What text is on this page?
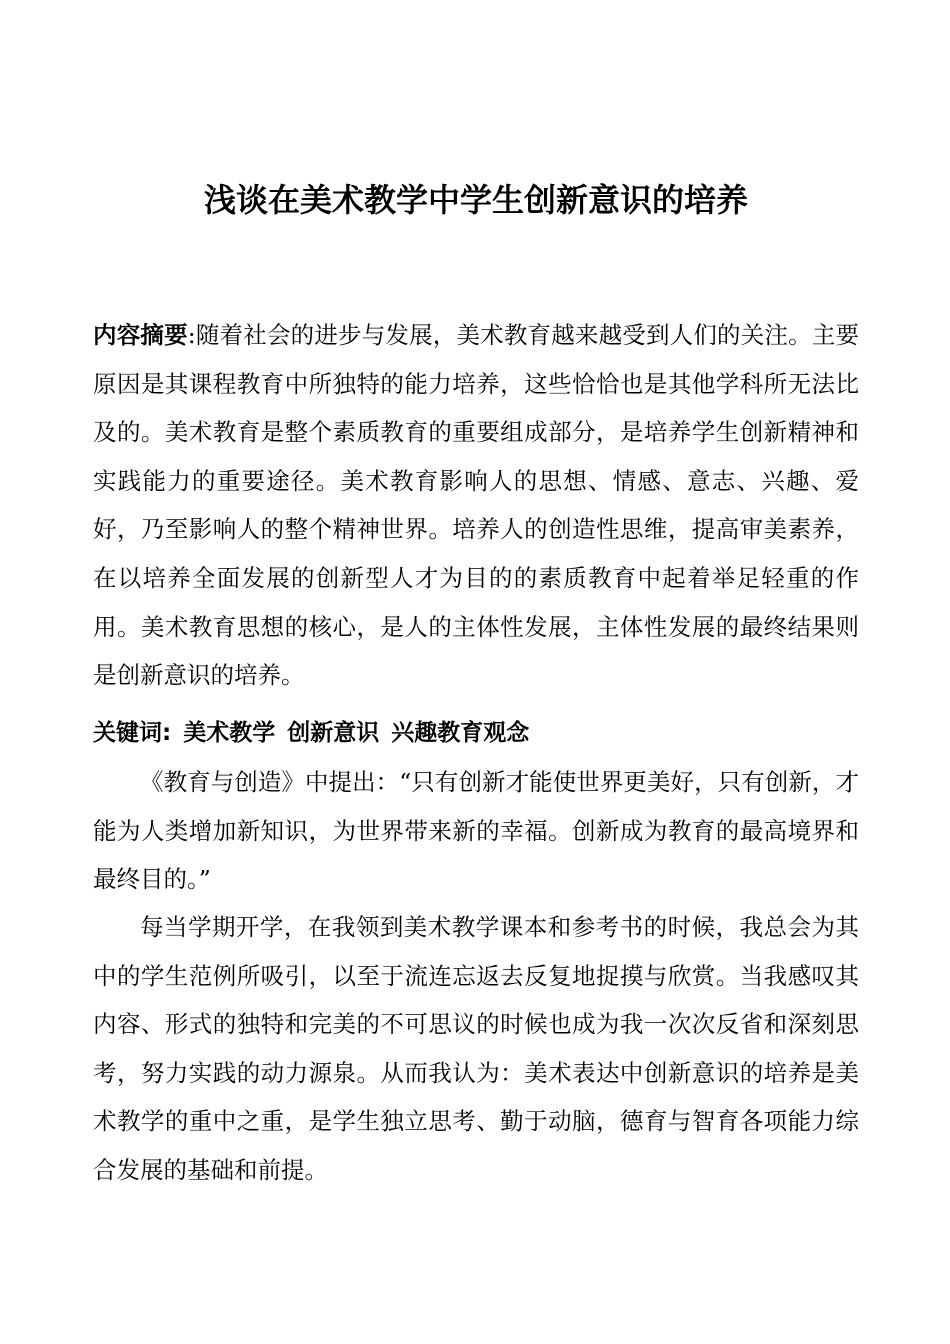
浅谈在美术教学中学生创新意识的培养

内容摘要:随着社会的进步与发展，美术教育越来越受到人们的关注。主要原因是其课程教育中所独特的能力培养，这些恰恰也是其他学科所无法比及的。美术教育是整个素质教育的重要组成部分，是培养学生创新精神和实践能力的重要途径。美术教育影响人的思想、情感、意志、兴趣、爱好，乃至影响人的整个精神世界。培养人的创造性思维，提高审美素养，在以培养全面发展的创新型人才为目的的素质教育中起着举足轻重的作用。美术教育思想的核心，是人的主体性发展，主体性发展的最终结果则是创新意识的培养。

关键词: 美术教学 创新意识 兴趣教育观念

《教育与创造》中提出：“只有创新才能使世界更美好，只有创新，才能为人类增加新知识，为世界带来新的幸福。创新成为教育的最高境界和最终目的。”

每当学期开学，在我领到美术教学课本和参考书的时候，我总会为其中的学生范例所吸引，以至于流连忘返去反复地捉摸与欣赏。当我感叹其内容、形式的独特和完美的不可思议的时候也成为我一次次反省和深刻思考，努力实践的动力源泉。从而我认为：美术表达中创新意识的培养是美术教学的重中之重，是学生独立思考、勤于动脑，德育与智育各项能力综合发展的基础和前提。
